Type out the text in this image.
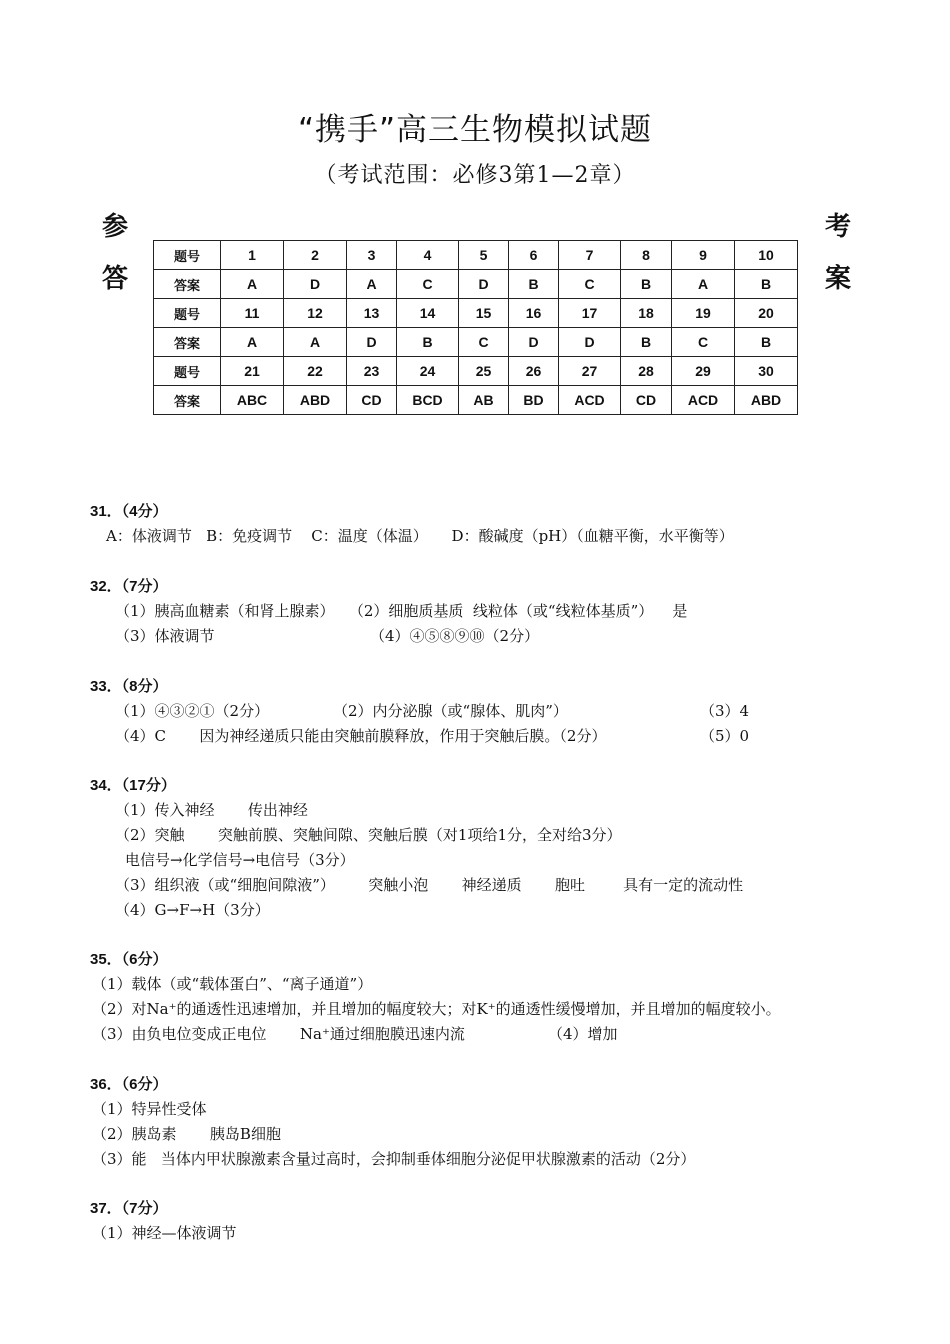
“携手”高三生物模拟试题
（考试范围：必修3第1—2章）
参
答
考
案
题号	1	2	3	4	5	6	7	8	9	10
答案	A	D	A	C	D	B	C	B	A	B
题号	11	12	13	14	15	16	17	18	19	20
答案	A	A	D	B	C	D	D	B	C	B
题号	21	22	23	24	25	26	27	28	29	30
答案	ABC	ABD	CD	BCD	AB	BD	ACD	CD	ACD	ABD
31．（4分）
A：体液调节   B：免疫调节    C：温度（体温）     D：酸碱度（pH）（血糖平衡，水平衡等）
32．（7分）
（1）胰高血糖素（和肾上腺素）   （2）细胞质基质  线粒体（或“线粒体基质”）    是
（3）体液调节	（4）④⑤⑧⑨⑩（2分）
33．（8分）
（1）④③②①（2分）	（2）内分泌腺（或“腺体、肌肉”）	（3）4
（4）C       因为神经递质只能由突触前膜释放，作用于突触后膜。（2分）	（5）0
34．（17分）
（1）传入神经       传出神经
（2）突触       突触前膜、突触间隙、突触后膜（对1项给1分，全对给3分）
电信号→化学信号→电信号（3分）
（3）组织液（或“细胞间隙液”）       突触小泡       神经递质       胞吐        具有一定的流动性
（4）G→F→H（3分）
35．（6分）
（1）载体（或“载体蛋白”、“离子通道”）
（2）对Na⁺的通透性迅速增加，并且增加的幅度较大；对K⁺的通透性缓慢增加，并且增加的幅度较小。
（3）由负电位变成正电位       Na⁺通过细胞膜迅速内流	（4）增加
36．（6分）
（1）特异性受体
（2）胰岛素       胰岛B细胞
（3）能   当体内甲状腺激素含量过高时，会抑制垂体细胞分泌促甲状腺激素的活动（2分）
37．（7分）
（1）神经—体液调节
